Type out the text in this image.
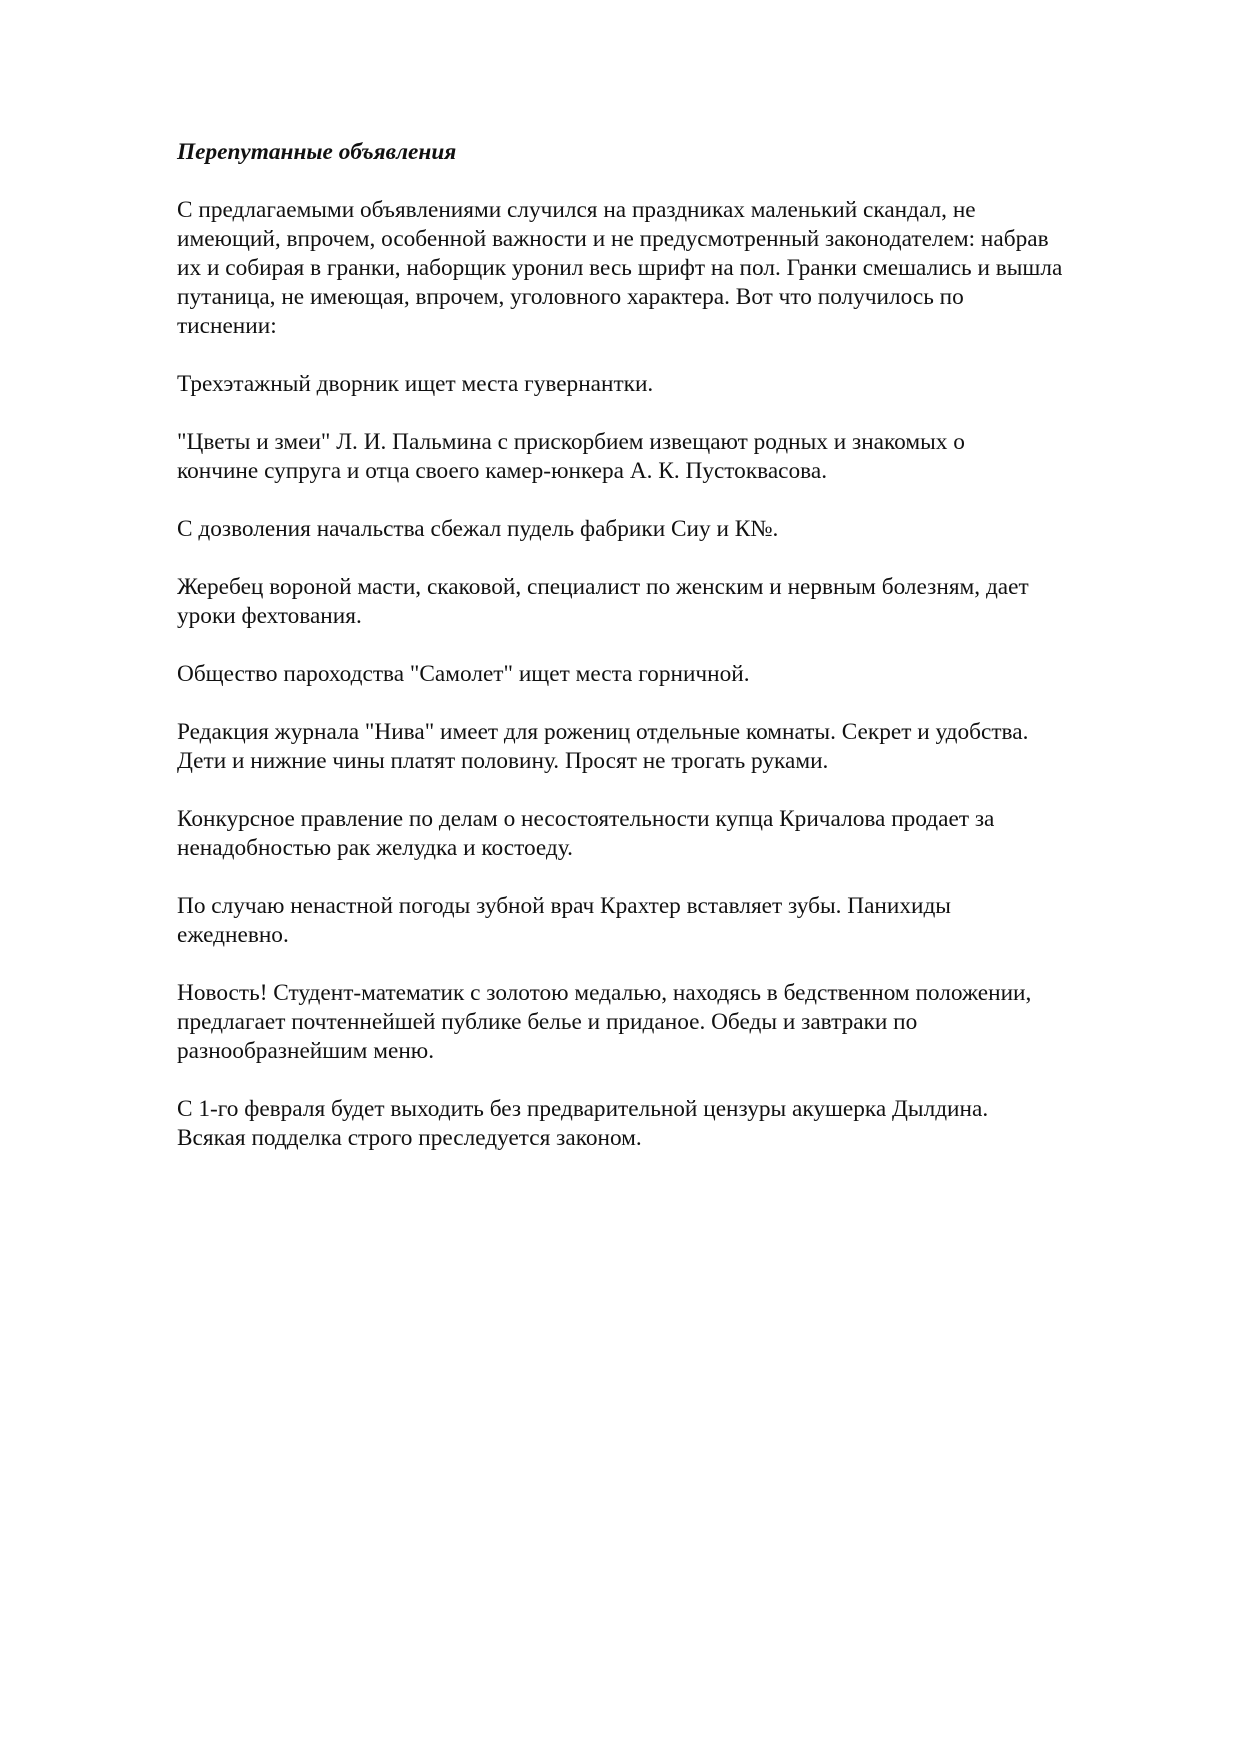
Перепутанные объявления
С предлагаемыми объявлениями случился на праздниках маленький скандал, не
имеющий, впрочем, особенной важности и не предусмотренный законодателем: набрав
их и собирая в гранки, наборщик уронил весь шрифт на пол. Гранки смешались и вышла
путаница, не имеющая, впрочем, уголовного характера. Вот что получилось по
тиснении:
Трехэтажный дворник ищет места гувернантки.
"Цветы и змеи" Л. И. Пальмина с прискорбием извещают родных и знакомых о
кончине супруга и отца своего камер-юнкера А. К. Пустоквасова.
С дозволения начальства сбежал пудель фабрики Сиу и К№.
Жеребец вороной масти, скаковой, специалист по женским и нервным болезням, дает
уроки фехтования.
Общество пароходства "Самолет" ищет места горничной.
Редакция журнала "Нива" имеет для рожениц отдельные комнаты. Секрет и удобства.
Дети и нижние чины платят половину. Просят не трогать руками.
Конкурсное правление по делам о несостоятельности купца Кричалова продает за
ненадобностью рак желудка и костоеду.
По случаю ненастной погоды зубной врач Крахтер вставляет зубы. Панихиды
ежедневно.
Новость! Студент-математик с золотою медалью, находясь в бедственном положении,
предлагает почтеннейшей публике белье и приданое. Обеды и завтраки по
разнообразнейшим меню.
С 1-го февраля будет выходить без предварительной цензуры акушерка Дылдина.
Всякая подделка строго преследуется законом.
